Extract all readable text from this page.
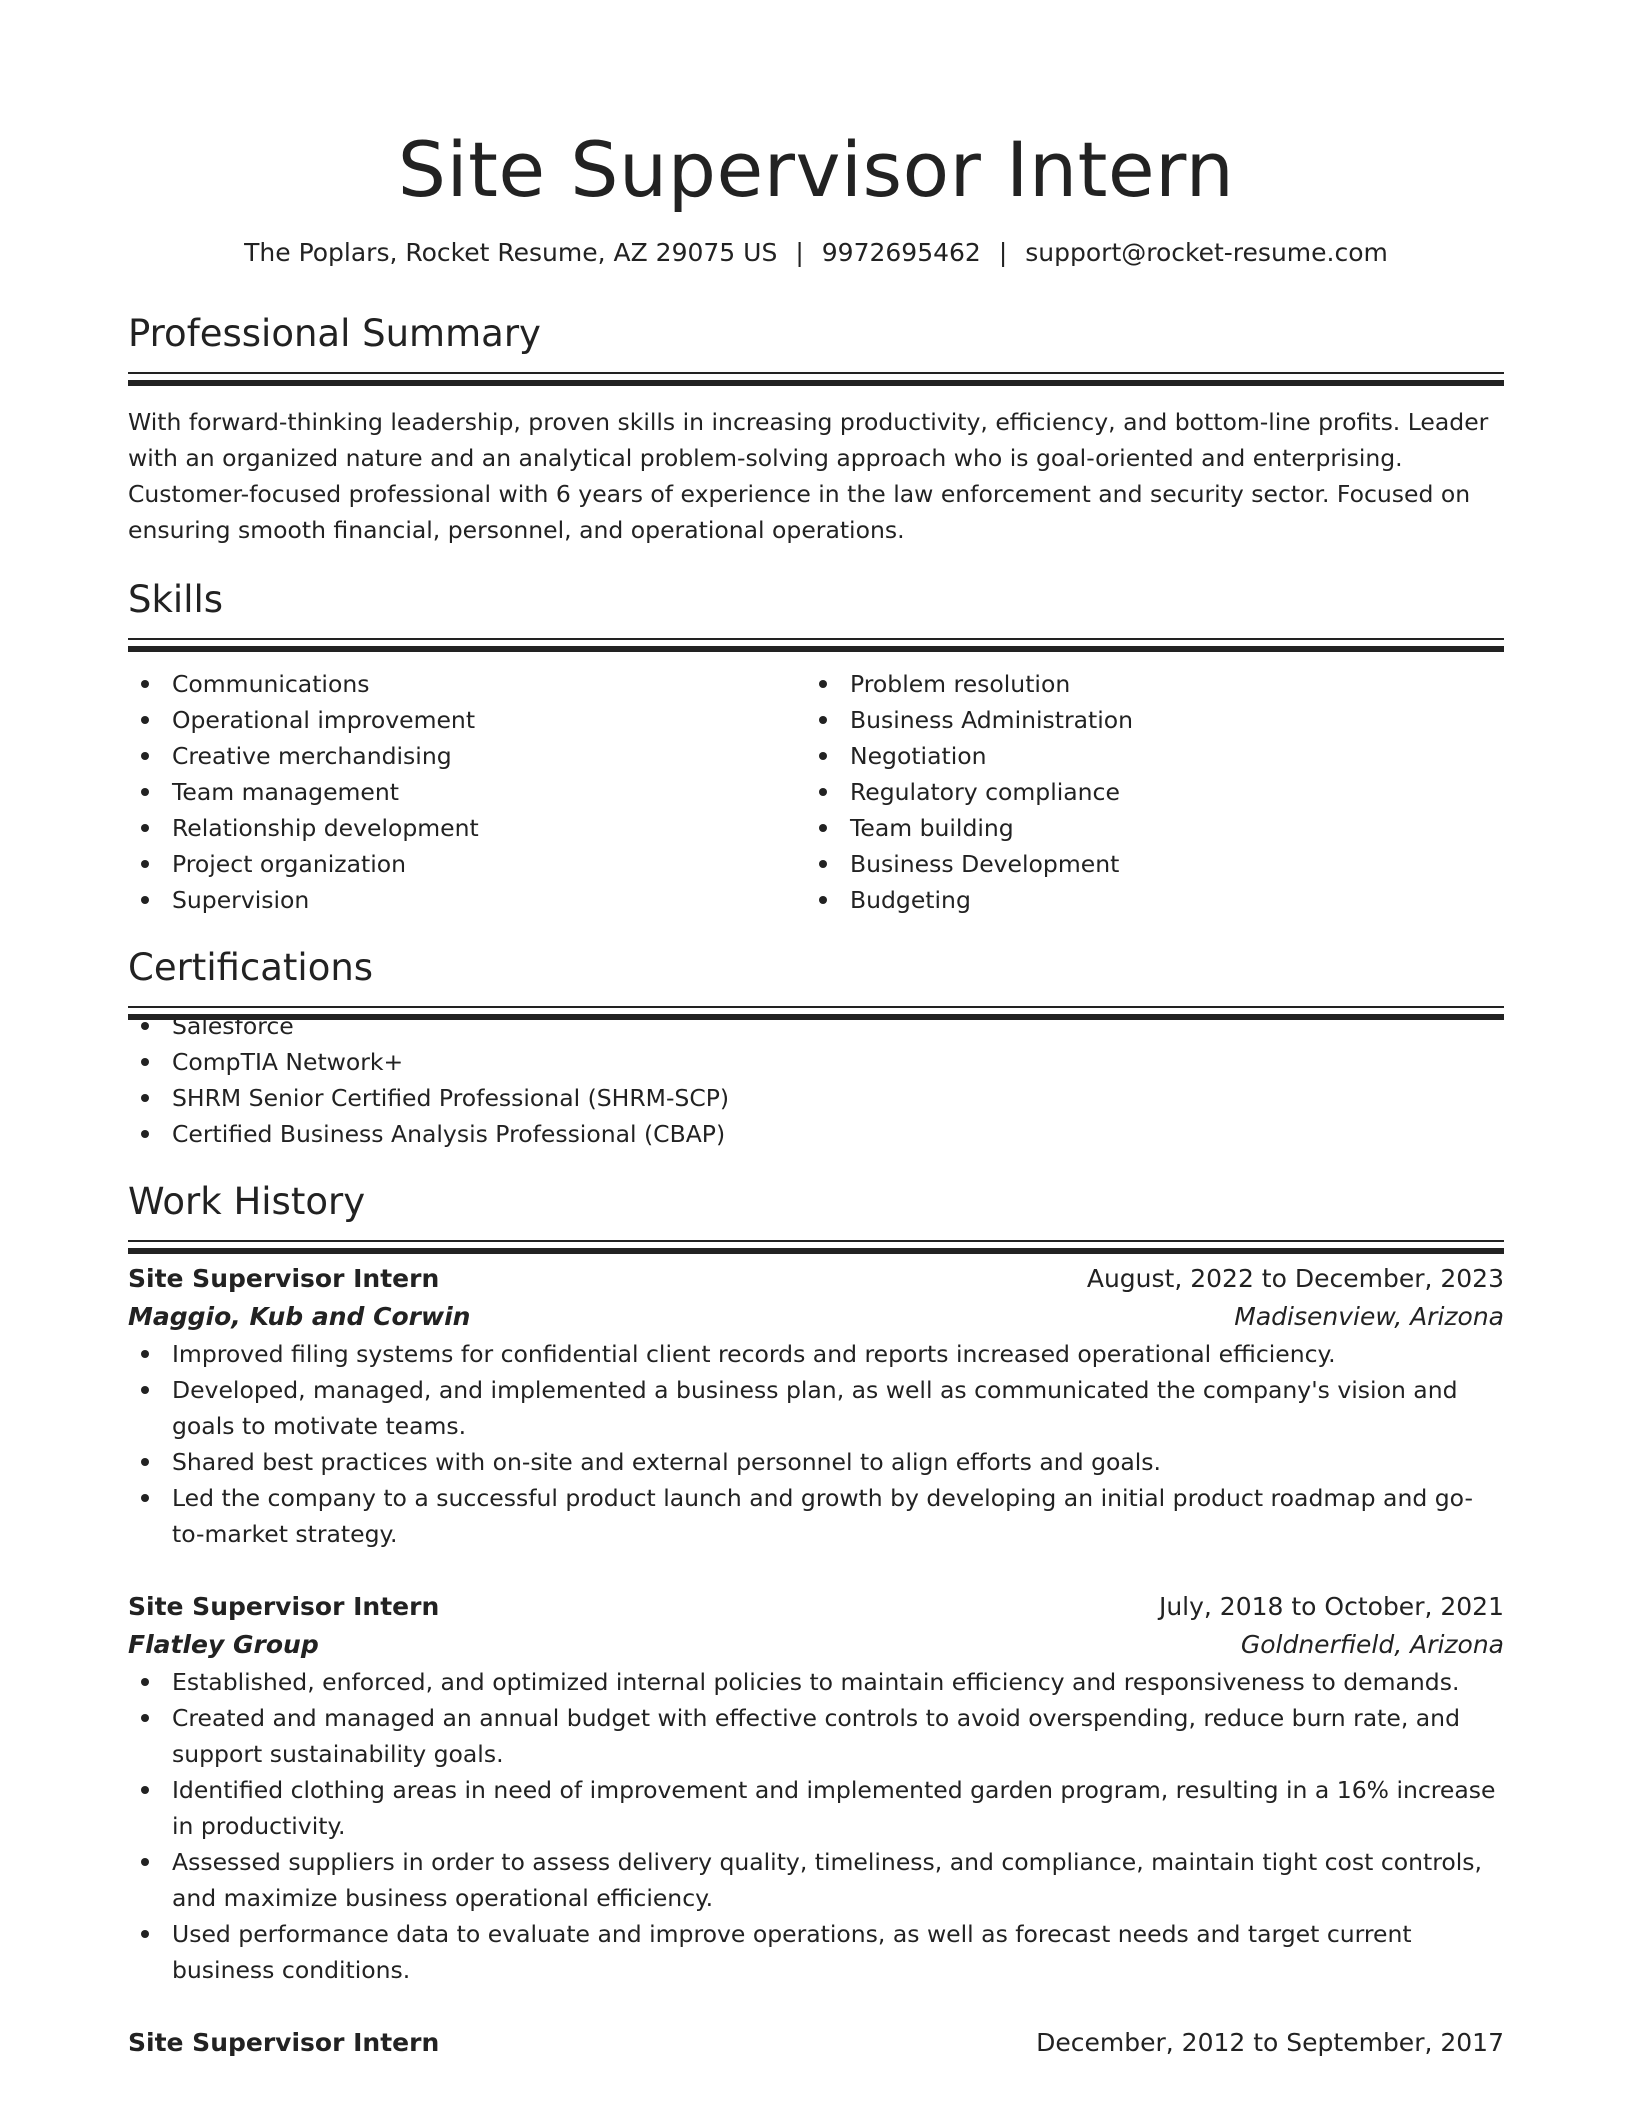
Site Supervisor Intern
The Poplars, Rocket Resume, AZ 29075 US | 9972695462 | support@rocket-resume.com
Professional Summary

With forward-thinking leadership, proven skills in increasing productivity, efficiency, and bottom-line profits. Leader with an organized nature and an analytical problem-solving approach who is goal-oriented and enterprising. Customer-focused professional with 6 years of experience in the law enforcement and security sector. Focused on ensuring smooth financial, personnel, and operational operations.

Skills
Communications
Operational improvement
Creative merchandising
Team management
Relationship development
Project organization
Supervision
Problem resolution
Business Administration
Negotiation
Regulatory compliance
Team building
Business Development
Budgeting
Certifications
Salesforce
CompTIA Network+
SHRM Senior Certified Professional (SHRM-SCP)
Certified Business Analysis Professional (CBAP)
Work History
Site Supervisor Intern	August, 2022 to December, 2023
Maggio, Kub and Corwin	Madisenview, Arizona
Improved filing systems for confidential client records and reports increased operational efficiency.
Developed, managed, and implemented a business plan, as well as communicated the company's vision and goals to motivate teams.
Shared best practices with on-site and external personnel to align efforts and goals.
Led the company to a successful product launch and growth by developing an initial product roadmap and go-to-market strategy.
Site Supervisor Intern	July, 2018 to October, 2021
Flatley Group	Goldnerfield, Arizona
Established, enforced, and optimized internal policies to maintain efficiency and responsiveness to demands.
Created and managed an annual budget with effective controls to avoid overspending, reduce burn rate, and support sustainability goals.
Identified clothing areas in need of improvement and implemented garden program, resulting in a 16% increase in productivity.
Assessed suppliers in order to assess delivery quality, timeliness, and compliance, maintain tight cost controls, and maximize business operational efficiency.
Used performance data to evaluate and improve operations, as well as forecast needs and target current business conditions.
Site Supervisor Intern	December, 2012 to September, 2017
